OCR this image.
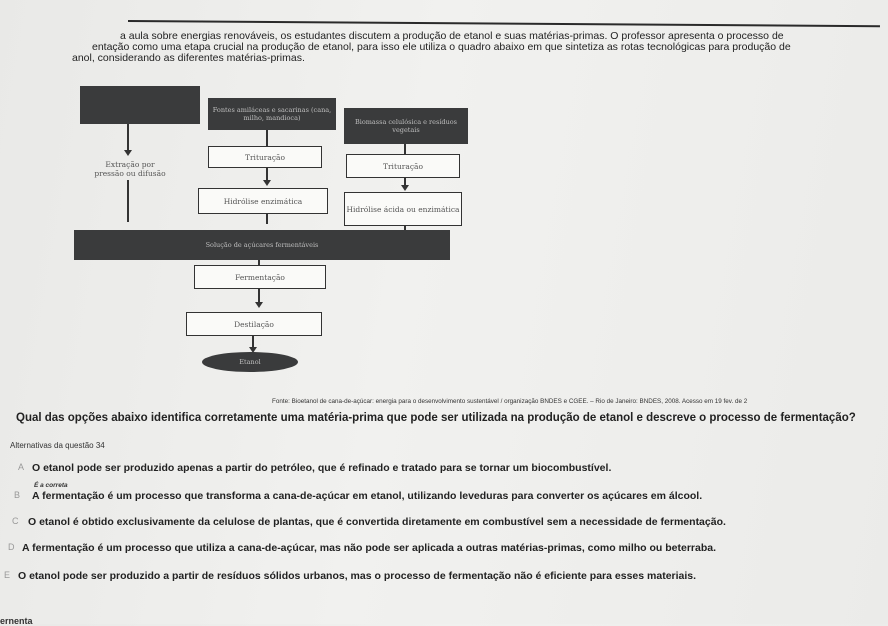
a aula sobre energias renováveis, os estudantes discutem a produção de etanol e suas matérias-primas. O professor apresenta o processo de
entação como uma etapa crucial na produção de etanol, para isso ele utiliza o quadro abaixo em que sintetiza as rotas tecnológicas para produção de
anol, considerando as diferentes matérias-primas.
Fontes amiláceas e sacarinas (cana, milho, mandioca)	Biomassa celulósica e resíduos vegetais
Extração por pressão ou difusão
Trituração
Hidrólise enzimática
Trituração
Hidrólise ácida ou enzimática
Solução de açúcares fermentáveis
Fermentação
Destilação
Etanol
Fonte: Bioetanol de cana-de-açúcar: energia para o desenvolvimento sustentável / organização BNDES e CGEE. – Rio de Janeiro: BNDES, 2008. Acesso em 19 fev. de 2
Qual das opções abaixo identifica corretamente uma matéria-prima que pode ser utilizada na produção de etanol e descreve o processo de fermentação?
Alternativas da questão 34
A O etanol pode ser produzido apenas a partir do petróleo, que é refinado e tratado para se tornar um biocombustível.
É a correta
B A fermentação é um processo que transforma a cana-de-açúcar em etanol, utilizando leveduras para converter os açúcares em álcool.
C O etanol é obtido exclusivamente da celulose de plantas, que é convertida diretamente em combustível sem a necessidade de fermentação.
D A fermentação é um processo que utiliza a cana-de-açúcar, mas não pode ser aplicada a outras matérias-primas, como milho ou beterraba.
E O etanol pode ser produzido a partir de resíduos sólidos urbanos, mas o processo de fermentação não é eficiente para esses materiais.
ernenta
